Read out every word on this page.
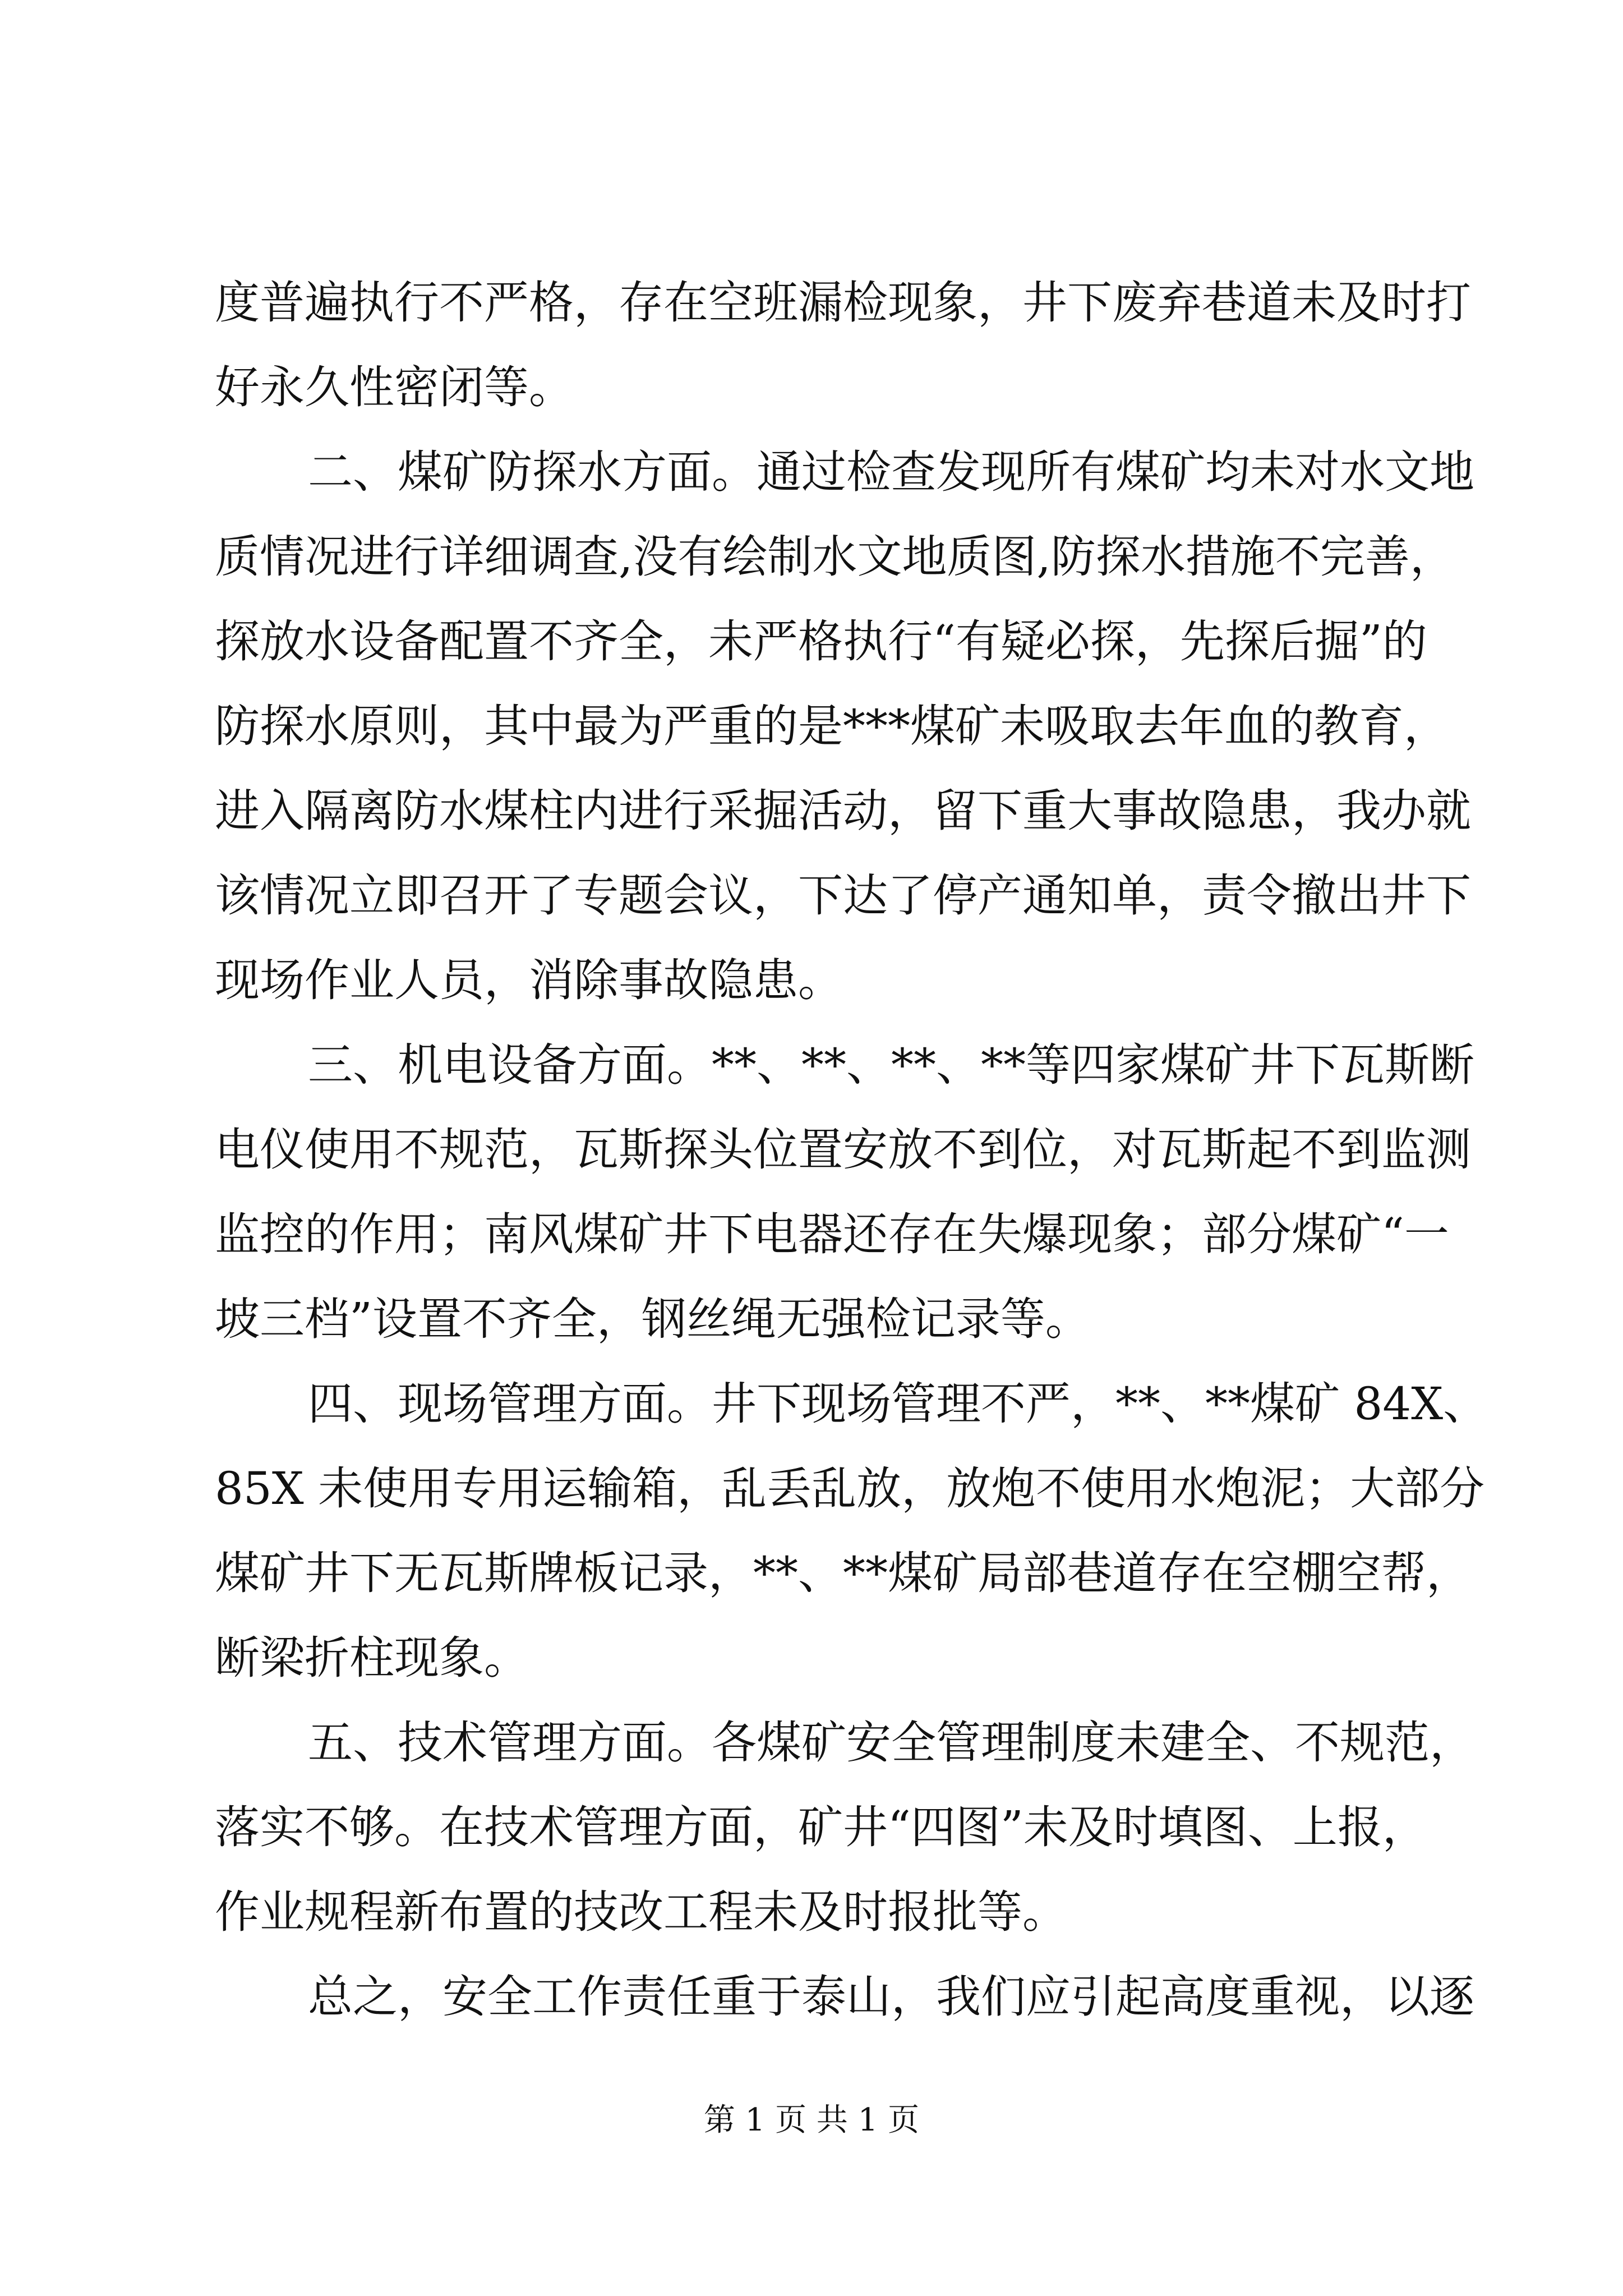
度普遍执行不严格，存在空班漏检现象，井下废弃巷道未及时打
好永久性密闭等。
二、煤矿防探水方面。通过检查发现所有煤矿均未对水文地
质情况进行详细调查,没有绘制水文地质图,防探水措施不完善，
探放水设备配置不齐全，未严格执行“有疑必探，先探后掘”的
防探水原则，其中最为严重的是***煤矿未吸取去年血的教育，
进入隔离防水煤柱内进行采掘活动，留下重大事故隐患，我办就
该情况立即召开了专题会议，下达了停产通知单，责令撤出井下
现场作业人员，消除事故隐患。
三、机电设备方面。**、**、**、**等四家煤矿井下瓦斯断
电仪使用不规范，瓦斯探头位置安放不到位，对瓦斯起不到监测
监控的作用；南风煤矿井下电器还存在失爆现象；部分煤矿“一
坡三档”设置不齐全，钢丝绳无强检记录等。
四、现场管理方面。井下现场管理不严，**、**煤矿 84X、
85X 未使用专用运输箱，乱丢乱放，放炮不使用水炮泥；大部分
煤矿井下无瓦斯牌板记录，**、**煤矿局部巷道存在空棚空帮，
断梁折柱现象。
五、技术管理方面。各煤矿安全管理制度未建全、不规范，
落实不够。在技术管理方面，矿井“四图”未及时填图、上报，
作业规程新布置的技改工程未及时报批等。
总之，安全工作责任重于泰山，我们应引起高度重视，以逐
第 1 页 共 1 页
